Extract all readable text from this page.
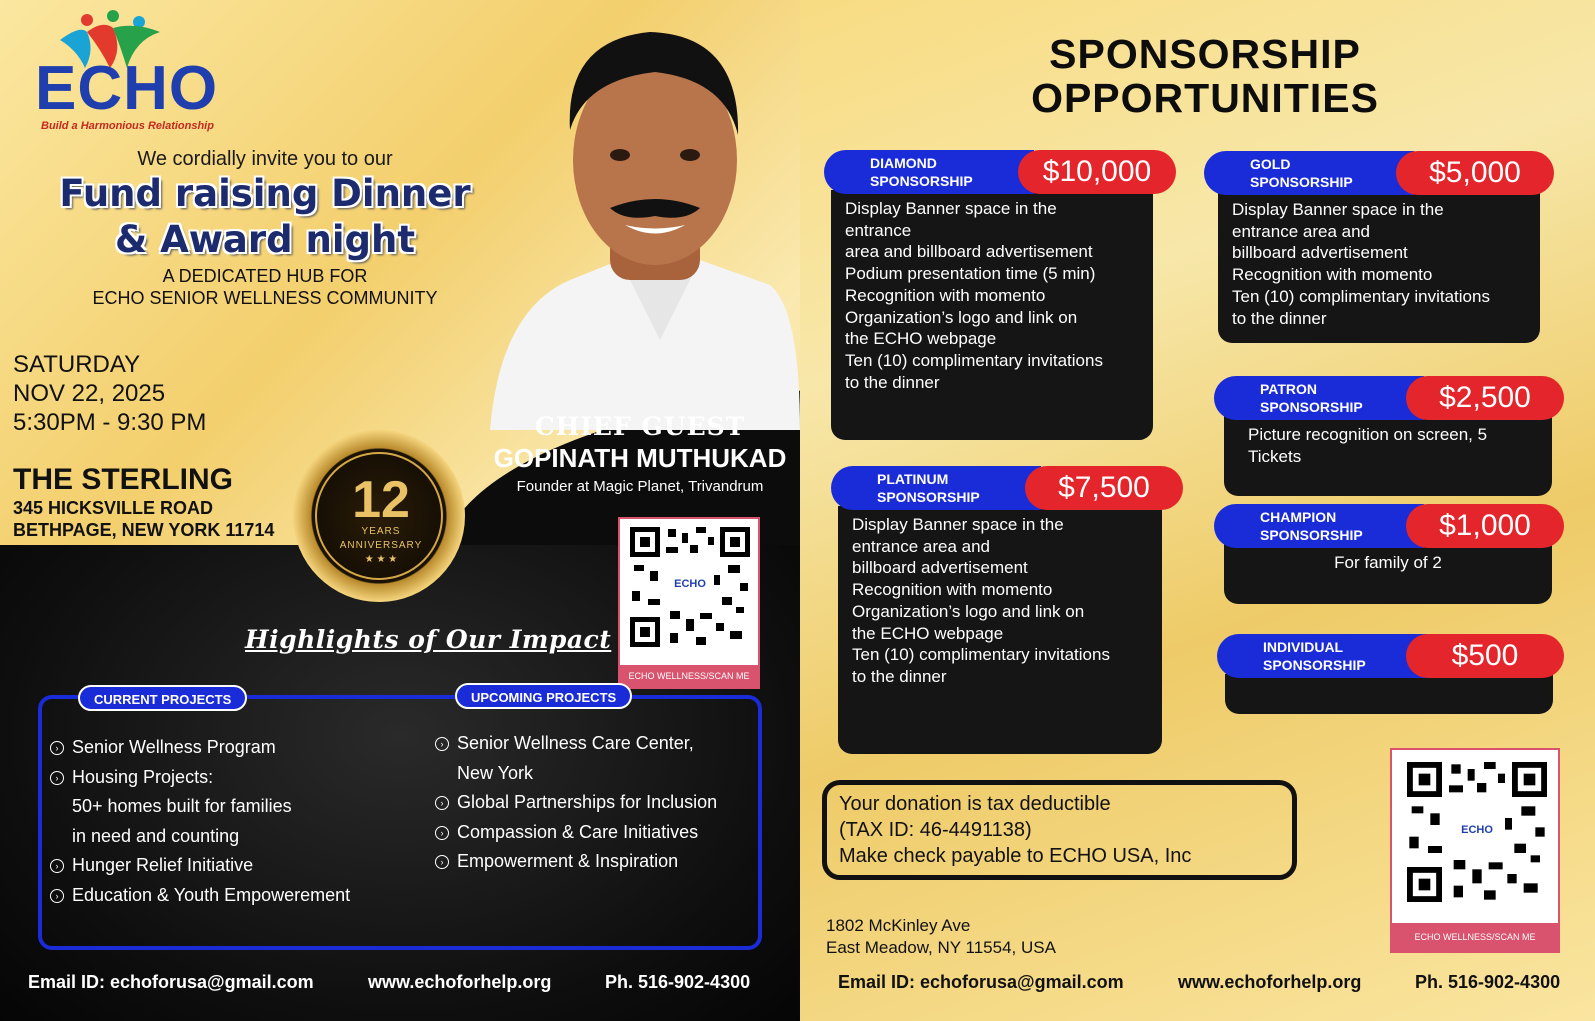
ECHO
Build a Harmonious Relationship
We cordially invite you to our
Fund raising Dinner
& Award night
A DEDICATED HUB FOR
ECHO SENIOR WELLNESS COMMUNITY
SATURDAY
NOV 22, 2025
5:30PM - 9:30 PM
THE STERLING
345 HICKSVILLE ROAD
BETHPAGE, NEW YORK 11714
12
YEARS
ANNIVERSARY
★ ★ ★
CHIEF GUEST
GOPINATH MUTHUKAD
Founder at Magic Planet, Trivandrum
ECHO
ECHO WELLNESS/SCAN ME
Highlights of Our Impact
CURRENT PROJECTS	UPCOMING PROJECTS
› Senior Wellness Program
› Housing Projects:
50+ homes built for families
in need and counting
› Hunger Relief Initiative
› Education & Youth Empowerement
› Senior Wellness Care Center,
New York
› Global Partnerships for Inclusion
› Compassion & Care Initiatives
› Empowerment & Inspiration
Email ID: echoforusa@gmail.com	www.echoforhelp.org	Ph. 516-902-4300
SPONSORSHIP
OPPORTUNITIES
Display Banner space in the
entrance
area and billboard advertisement
Podium presentation time (5 min)
Recognition with momento
Organization’s logo and link on
the ECHO webpage
Ten (10) complimentary invitations
to the dinner
DIAMOND
SPONSORSHIP	$10,000
Display Banner space in the
entrance area and
billboard advertisement
Recognition with momento
Ten (10) complimentary invitations
to the dinner
GOLD
SPONSORSHIP	$5,000
Picture recognition on screen, 5
Tickets
PATRON
SPONSORSHIP	$2,500
Display Banner space in the
entrance area and
billboard advertisement
Recognition with momento
Organization’s logo and link on
the ECHO webpage
Ten (10) complimentary invitations
to the dinner
PLATINUM
SPONSORSHIP	$7,500
For family of 2
CHAMPION
SPONSORSHIP	$1,000
INDIVIDUAL
SPONSORSHIP	$500
Your donation is tax deductible
(TAX ID: 46-4491138)
Make check payable to ECHO USA, Inc
ECHO
ECHO WELLNESS/SCAN ME
1802 McKinley Ave
East Meadow, NY 11554, USA
Email ID: echoforusa@gmail.com	www.echoforhelp.org	Ph. 516-902-4300
